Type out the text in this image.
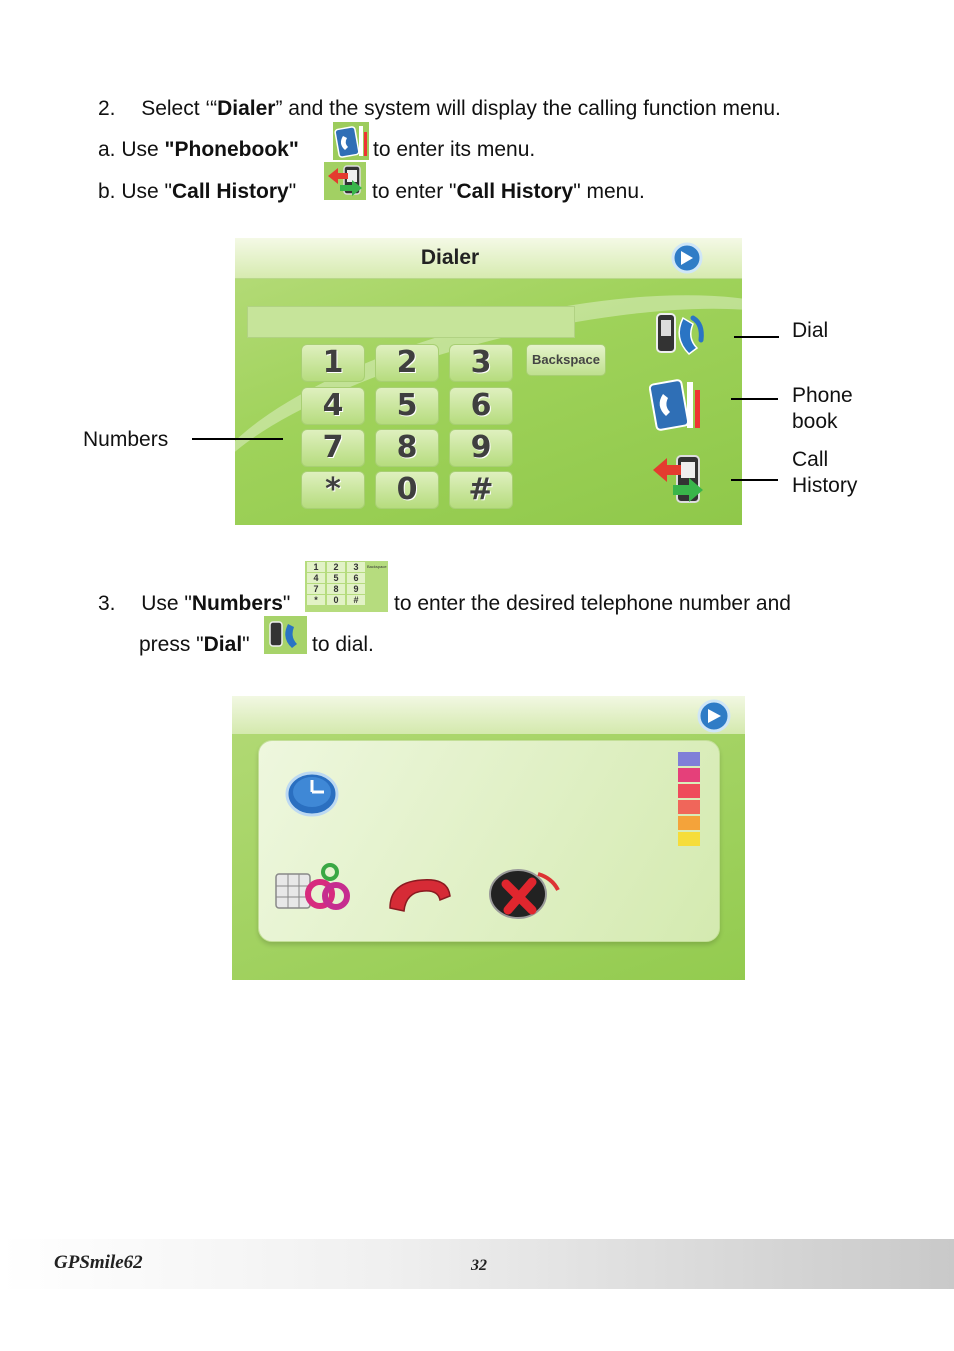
2. Select ‘“Dialer” and the system will display the calling function menu.
a. Use "Phonebook"	to enter its menu.
b. Use "Call History"	to enter "Call History" menu.
Dialer
1	2	3
4	5	6
7	8	9
*	0	#
Backspace
Dial
Phone
book
Call
History
Numbers
3. Use "Numbers"
1	2	3
4	5	6
7	8	9
*	0	#
Backspace
to enter the desired telephone number and
press "Dial"	to dial.
GPSmile62	32
